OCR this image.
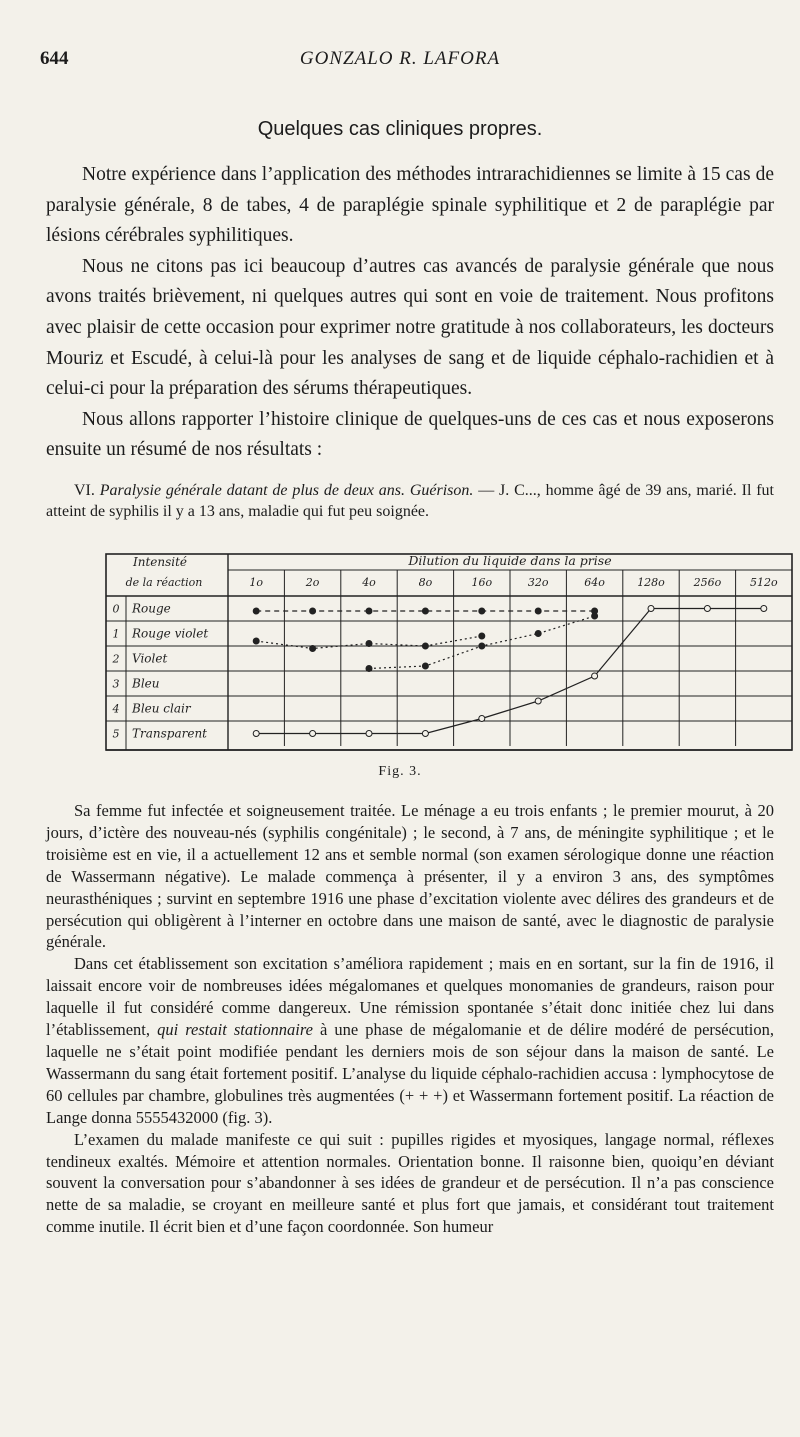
644	GONZALO R. LAFORA
Quelques cas cliniques propres.

Notre expérience dans l’application des méthodes intrarachidiennes se limite à 15 cas de paralysie générale, 8 de tabes, 4 de paraplégie spinale syphilitique et 2 de paraplégie par lésions cérébrales syphilitiques.

Nous ne citons pas ici beaucoup d’autres cas avancés de paralysie générale que nous avons traités brièvement, ni quelques autres qui sont en voie de traitement. Nous profitons avec plaisir de cette occasion pour exprimer notre gratitude à nos collaborateurs, les docteurs Mouriz et Escudé, à celui-là pour les analyses de sang et de liquide céphalo-rachidien et à celui-ci pour la préparation des sérums thérapeutiques.

Nous allons rapporter l’histoire clinique de quelques-uns de ces cas et nous exposerons ensuite un résumé de nos résultats :

VI. Paralysie générale datant de plus de deux ans. Guérison. — J. C..., homme âgé de 39 ans, marié. Il fut atteint de syphilis il y a 13 ans, maladie qui fut peu soignée.

Intensité
de la réaction
Dilution du liquide dans la prise
1o	2o	4o	8o	16o	32o	64o	128o	256o	512o
0 Rouge
1 Rouge violet
2 Violet
3 Bleu
4 Bleu clair
5 Transparent
Fig. 3.

Sa femme fut infectée et soigneusement traitée. Le ménage a eu trois enfants ; le premier mourut, à 20 jours, d’ictère des nouveau-nés (syphilis congénitale) ; le second, à 7 ans, de méningite syphilitique ; et le troisième est en vie, il a actuellement 12 ans et semble normal (son examen sérologique donne une réaction de Wassermann négative). Le malade commença à présenter, il y a environ 3 ans, des symptômes neurasthéniques ; survint en septembre 1916 une phase d’excitation violente avec délires des grandeurs et de persécution qui obligèrent à l’interner en octobre dans une maison de santé, avec le diagnostic de paralysie générale.

Dans cet établissement son excitation s’améliora rapidement ; mais en en sortant, sur la fin de 1916, il laissait encore voir de nombreuses idées mégalomanes et quelques monomanies de grandeurs, raison pour laquelle il fut considéré comme dangereux. Une rémission spontanée s’était donc initiée chez lui dans l’établissement, qui restait stationnaire à une phase de mégalomanie et de délire modéré de persécution, laquelle ne s’était point modifiée pendant les derniers mois de son séjour dans la maison de santé. Le Wassermann du sang était fortement positif. L’analyse du liquide céphalo-rachidien accusa : lymphocytose de 60 cellules par chambre, globulines très augmentées (+ + +) et Wassermann fortement positif. La réaction de Lange donna 5555432000 (fig. 3).

L’examen du malade manifeste ce qui suit : pupilles rigides et myosiques, langage normal, réflexes tendineux exaltés. Mémoire et attention normales. Orientation bonne. Il raisonne bien, quoiqu’en déviant souvent la conversation pour s’abandonner à ses idées de grandeur et de persécution. Il n’a pas conscience nette de sa maladie, se croyant en meilleure santé et plus fort que jamais, et considérant tout traitement comme inutile. Il écrit bien et d’une façon coordonnée. Son humeur
